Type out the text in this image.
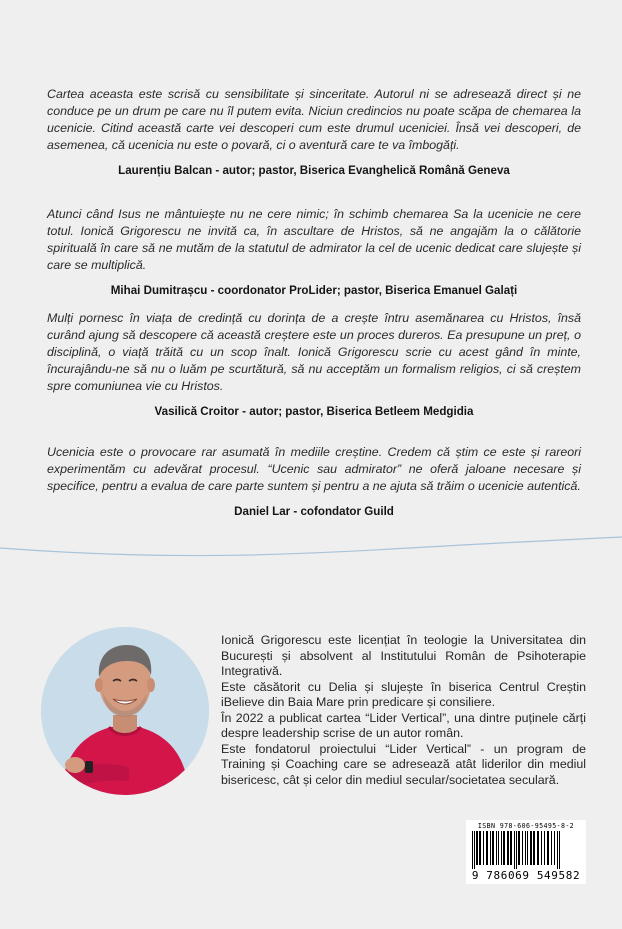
Cartea aceasta este scrisă cu sensibilitate și sinceritate. Autorul ni se adresează direct și ne conduce pe un drum pe care nu îl putem evita. Niciun credincios nu poate scăpa de chemarea la ucenicie. Citind această carte vei descoperi cum este drumul uceniciei. Însă vei descoperi, de asemenea, că ucenicia nu este o povară, ci o aventură care te va îmbogăți.

Laurențiu Balcan - autor; pastor, Biserica Evanghelică Română Geneva

Atunci când Isus ne mântuiește nu ne cere nimic; în schimb chemarea Sa la ucenicie ne cere totul. Ionică Grigorescu ne invită ca, în ascultare de Hristos, să ne angajăm la o călătorie spirituală în care să ne mutăm de la statutul de admirator la cel de ucenic dedicat care slujește și care se multiplică.

Mihai Dumitrașcu - coordonator ProLider; pastor, Biserica Emanuel Galați

Mulți pornesc în viața de credință cu dorința de a crește întru asemănarea cu Hristos, însă curând ajung să descopere că această creștere este un proces dureros. Ea presupune un preț, o disciplină, o viață trăită cu un scop înalt. Ionică Grigorescu scrie cu acest gând în minte, încurajându-ne să nu o luăm pe scurtătură, să nu acceptăm un formalism religios, ci să creștem spre comuniunea vie cu Hristos.

Vasilică Croitor - autor; pastor, Biserica Betleem Medgidia

Ucenicia este o provocare rar asumată în mediile creștine. Credem că știm ce este și rareori experimentăm cu adevărat procesul. “Ucenic sau admirator” ne oferă jaloane necesare și specifice, pentru a evalua de care parte suntem și pentru a ne ajuta să trăim o ucenicie autentică.

Daniel Lar - cofondator Guild

Ionică Grigorescu este licențiat în teologie la Universitatea din București și absolvent al Institutului Român de Psihoterapie Integrativă.

Este căsătorit cu Delia și slujește în biserica Centrul Creștin iBelieve din Baia Mare prin predicare și consiliere.

În 2022 a publicat cartea “Lider Vertical”, una dintre puținele cărți despre leadership scrise de un autor român.

Este fondatorul proiectului “Lider Vertical” - un program de Training și Coaching care se adresează atât liderilor din mediul bisericesc, cât și celor din mediul secular/societatea seculară.

ISBN 978-606-95495-8-2
9 786069 549582
